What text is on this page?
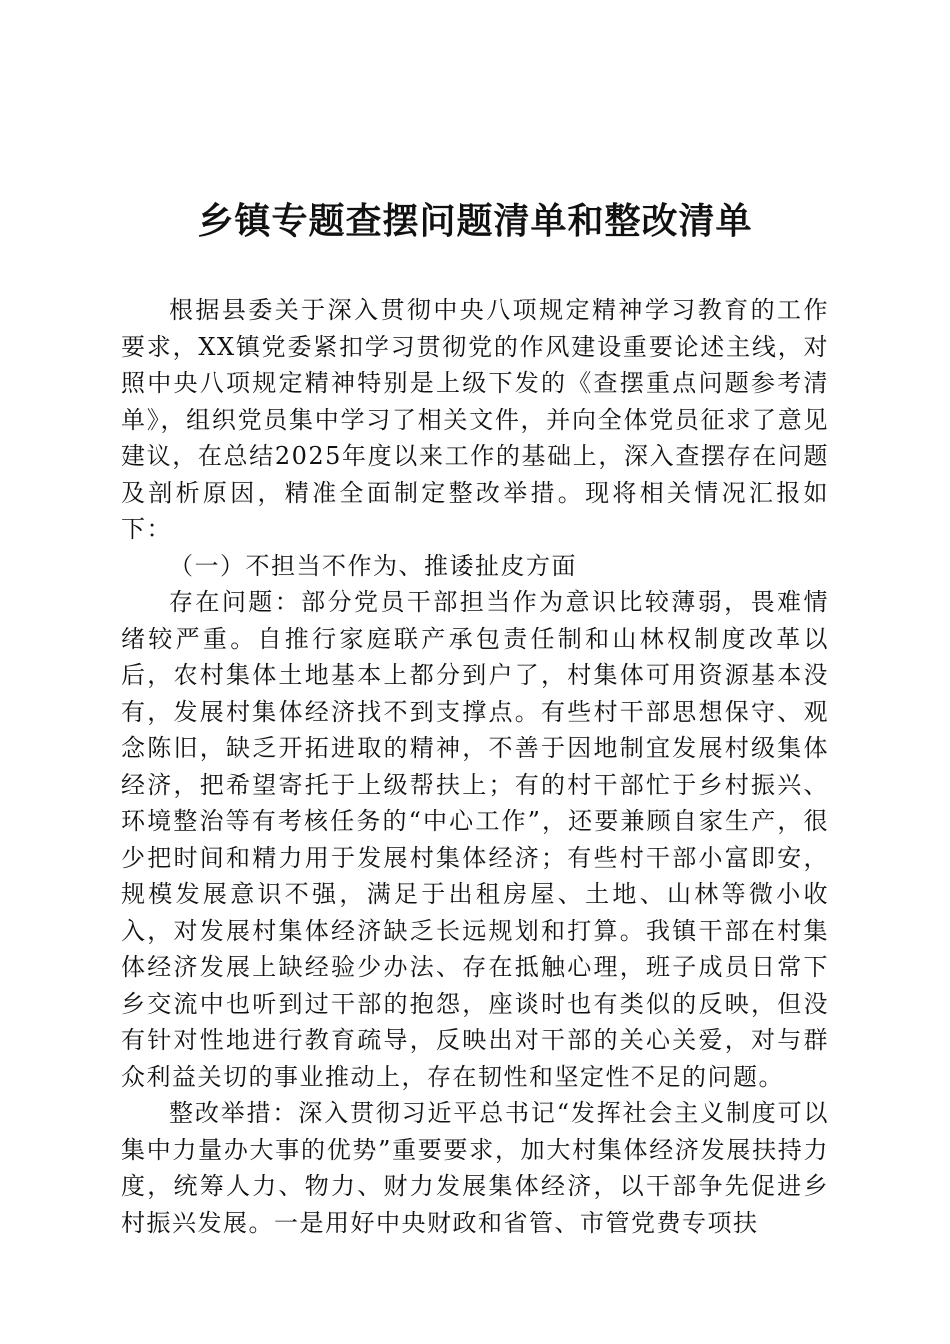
乡镇专题查摆问题清单和整改清单

根据县委关于深入贯彻中央八项规定精神学习教育的工作要求，XX镇党委紧扣学习贯彻党的作风建设重要论述主线，对照中央八项规定精神特别是上级下发的《查摆重点问题参考清单》，组织党员集中学习了相关文件，并向全体党员征求了意见建议，在总结2025年度以来工作的基础上，深入查摆存在问题及剖析原因，精准全面制定整改举措。现将相关情况汇报如下：

（一）不担当不作为、推诿扯皮方面

存在问题：部分党员干部担当作为意识比较薄弱，畏难情绪较严重。自推行家庭联产承包责任制和山林权制度改革以后，农村集体土地基本上都分到户了，村集体可用资源基本没有，发展村集体经济找不到支撑点。有些村干部思想保守、观念陈旧，缺乏开拓进取的精神，不善于因地制宜发展村级集体经济，把希望寄托于上级帮扶上；有的村干部忙于乡村振兴、环境整治等有考核任务的“中心工作”，还要兼顾自家生产，很少把时间和精力用于发展村集体经济；有些村干部小富即安，规模发展意识不强，满足于出租房屋、土地、山林等微小收入，对发展村集体经济缺乏长远规划和打算。我镇干部在村集体经济发展上缺经验少办法、存在抵触心理，班子成员日常下乡交流中也听到过干部的抱怨，座谈时也有类似的反映，但没有针对性地进行教育疏导，反映出对干部的关心关爱，对与群众利益关切的事业推动上，存在韧性和坚定性不足的问题。

整改举措：深入贯彻习近平总书记“发挥社会主义制度可以集中力量办大事的优势”重要要求，加大村集体经济发展扶持力度，统筹人力、物力、财力发展集体经济，以干部争先促进乡村振兴发展。一是用好中央财政和省管、市管党费专项扶
